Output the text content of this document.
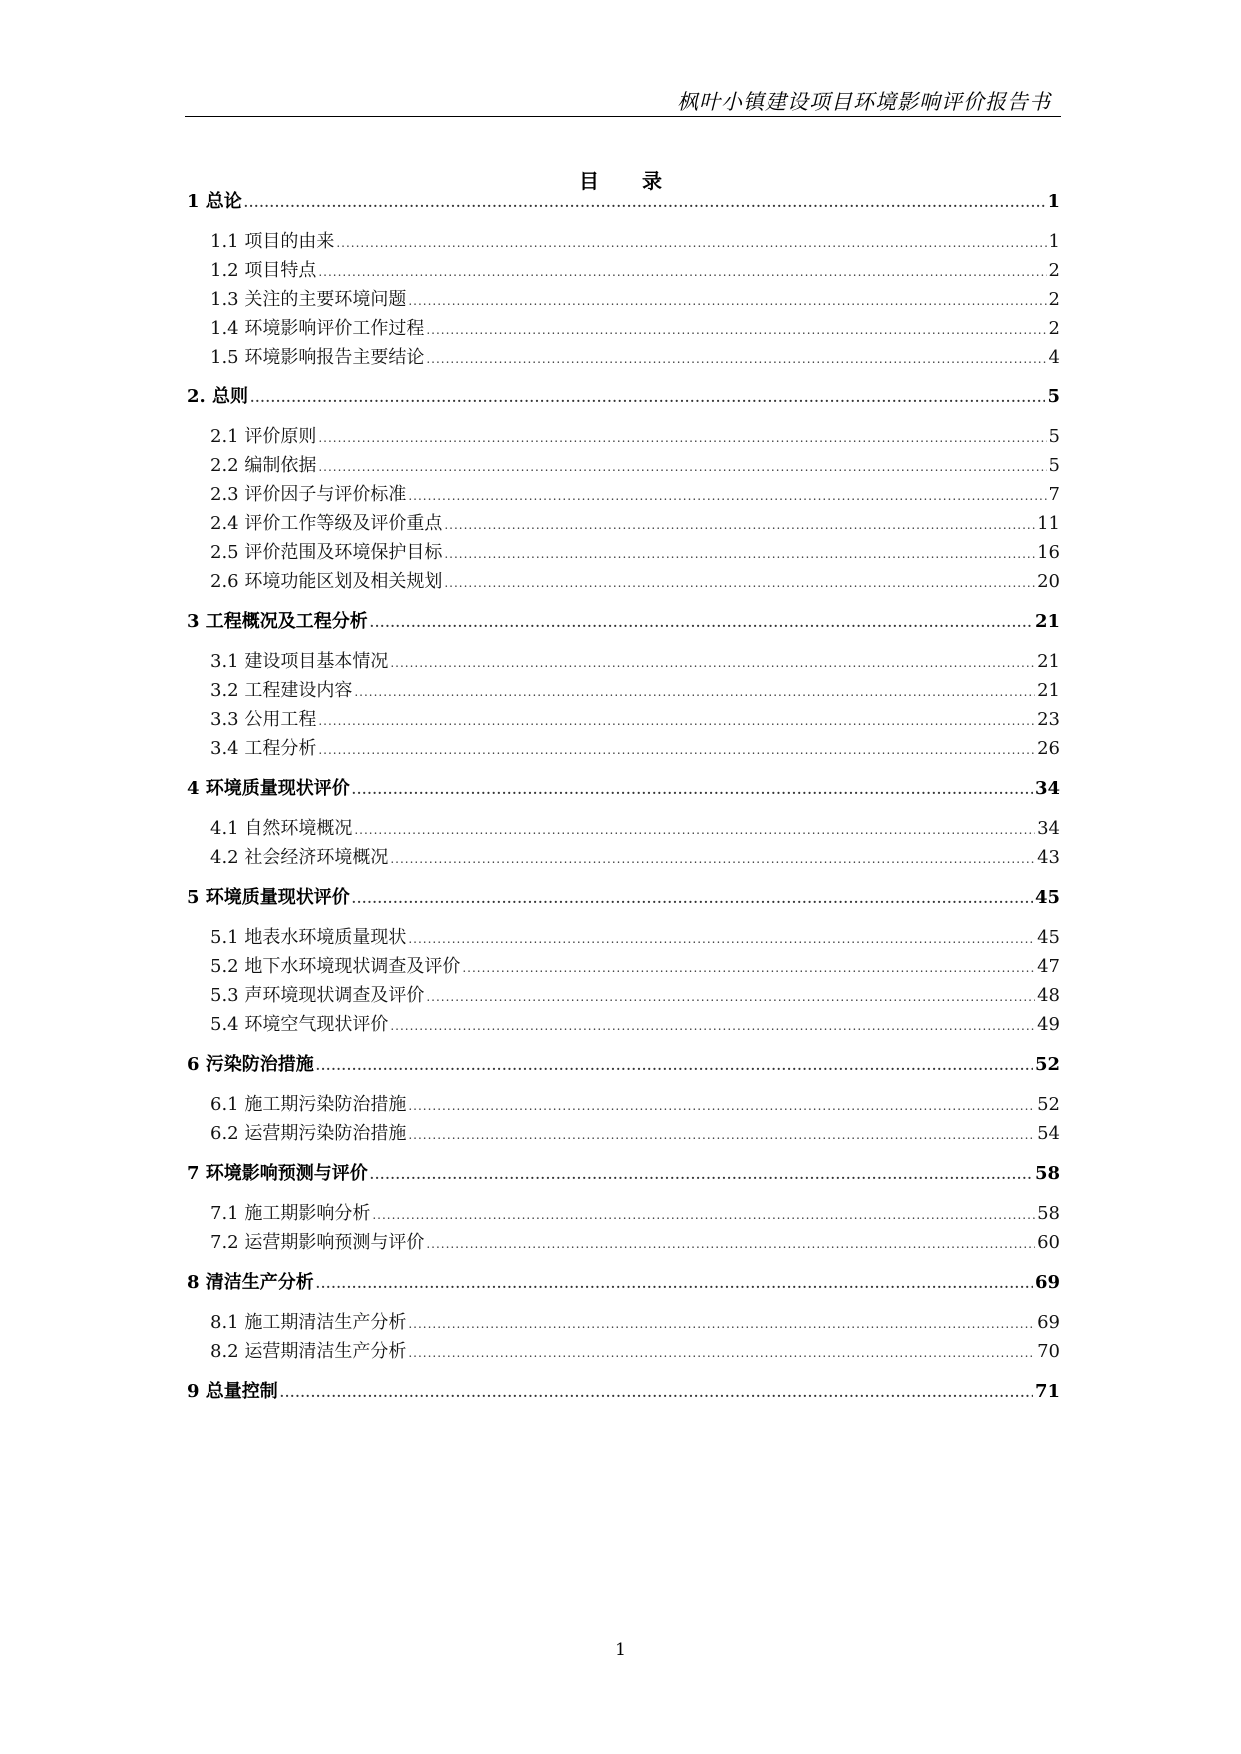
枫叶小镇建设项目环境影响评价报告书
目 录
1 总论 .....	1
1.1 项目的由来 .....	1
1.2 项目特点 .....	2
1.3 关注的主要环境问题 .....	2
1.4 环境影响评价工作过程 .....	2
1.5 环境影响报告主要结论 .....	4
2. 总则 .....	5
2.1 评价原则 .....	5
2.2 编制依据 .....	5
2.3 评价因子与评价标准 .....	7
2.4 评价工作等级及评价重点 .....	11
2.5 评价范围及环境保护目标 .....	16
2.6 环境功能区划及相关规划 .....	20
3 工程概况及工程分析 .....	21
3.1 建设项目基本情况 .....	21
3.2 工程建设内容 .....	21
3.3 公用工程 .....	23
3.4 工程分析 .....	26
4 环境质量现状评价 .....	34
4.1 自然环境概况 .....	34
4.2 社会经济环境概况 .....	43
5 环境质量现状评价 .....	45
5.1 地表水环境质量现状 .....	45
5.2 地下水环境现状调查及评价 .....	47
5.3 声环境现状调查及评价 .....	48
5.4 环境空气现状评价 .....	49
6 污染防治措施 .....	52
6.1 施工期污染防治措施 .....	52
6.2 运营期污染防治措施 .....	54
7 环境影响预测与评价 .....	58
7.1 施工期影响分析 .....	58
7.2 运营期影响预测与评价 .....	60
8 清洁生产分析 .....	69
8.1 施工期清洁生产分析 .....	69
8.2 运营期清洁生产分析 .....	70
9 总量控制 .....	71
1
